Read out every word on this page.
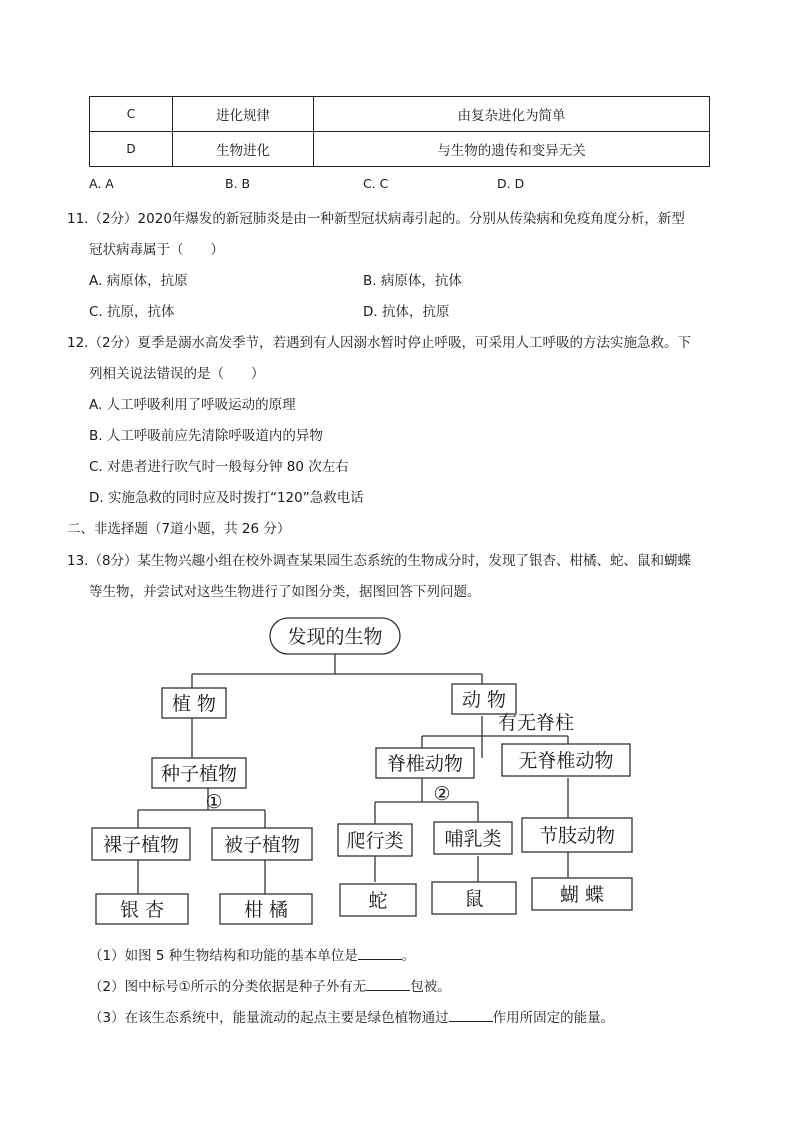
C	进化规律	由复杂进化为简单
D	生物进化	与生物的遗传和变异无关
A. A	B. B	C. C	D. D
11.（2分）2020年爆发的新冠肺炎是由一种新型冠状病毒引起的。分别从传染病和免疫角度分析，新型
冠状病毒属于（　　）
A. 病原体，抗原	B. 病原体，抗体
C. 抗原，抗体	D. 抗体，抗原
12.（2分）夏季是溺水高发季节，若遇到有人因溺水暂时停止呼吸，可采用人工呼吸的方法实施急救。下
列相关说法错误的是（　　）
A. 人工呼吸利用了呼吸运动的原理
B. 人工呼吸前应先清除呼吸道内的异物
C. 对患者进行吹气时一般每分钟 80 次左右
D. 实施急救的同时应及时拨打“120”急救电话
二、非选择题（7道小题，共 26 分）
13.（8分）某生物兴趣小组在校外调查某果园生态系统的生物成分时，发现了银杏、柑橘、蛇、鼠和蝴蝶
等生物，并尝试对这些生物进行了如图分类，据图回答下列问题。
发现的生物
植 物	动 物
有无脊柱
种子植物
①
脊椎动物
②
无脊椎动物
裸子植物 被子植物 爬行类 哺乳类 节肢动物
银 杏	柑 橘	蛇	鼠	蝴 蝶
（1）如图 5 种生物结构和功能的基本单位是	。
（2）图中标号①所示的分类依据是种子外有无	包被。
（3）在该生态系统中，能量流动的起点主要是绿色植物通过	作用所固定的能量。
